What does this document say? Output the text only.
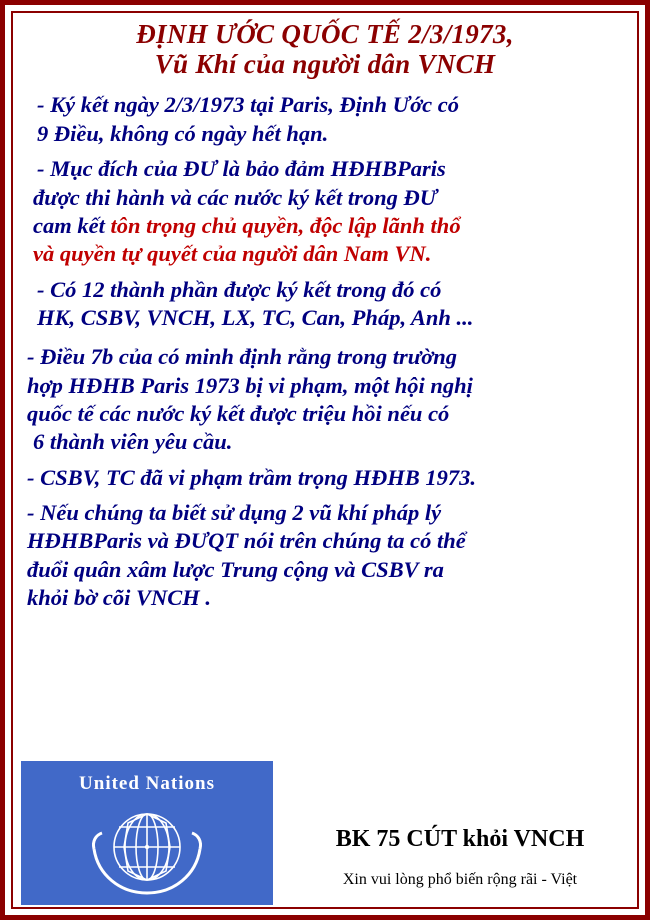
ĐỊNH ƯỚC QUỐC TẾ 2/3/1973,
Vũ Khí của người dân VNCH

- Ký kết ngày 2/3/1973 tại Paris, Định Ước có

9 Điều, không có ngày hết hạn.

- Mục đích của ĐƯ là bảo đảm HĐHBParis

được thi hành và các nước ký kết trong ĐƯ

cam kết tôn trọng chủ quyền, độc lập lãnh thổ

và quyền tự quyết của người dân Nam VN.

- Có 12 thành phần được ký kết trong đó có

HK, CSBV, VNCH, LX, TC, Can, Pháp, Anh ...

- Điều 7b của có minh định rằng trong trường

hợp HĐHB Paris 1973 bị vi phạm, một hội nghị

quốc tế các nước ký kết được triệu hồi nếu có

6 thành viên yêu cầu.

- CSBV, TC đã vi phạm trầm trọng HĐHB 1973.

- Nếu chúng ta biết sử dụng 2 vũ khí pháp lý

HĐHBParis và ĐƯQT nói trên chúng ta có thể

đuổi quân xâm lược Trung cộng và CSBV ra

khỏi bờ cõi VNCH .

United Nations
BK 75 CÚT khỏi VNCH
Xin vui lòng phổ biến rộng rãi - Việt
